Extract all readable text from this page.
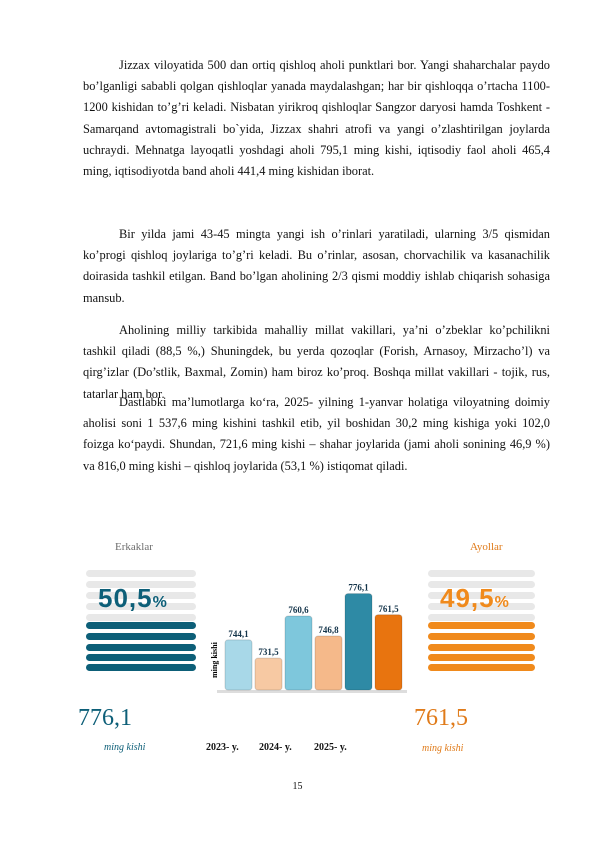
Jizzax viloyatida 500 dan ortiq qishloq aholi punktlari bor. Yangi shaharchalar paydo bo’lganligi sababli qolgan qishloqlar yanada maydalashgan; har bir qishloqqa o’rtacha 1100-1200 kishidan to’g’ri keladi. Nisbatan yirikroq qishloqlar Sangzor daryosi hamda Toshkent - Samarqand avtomagistrali bo`yida, Jizzax shahri atrofi va yangi o’zlashtirilgan joylarda uchraydi. Mehnatga layoqatli yoshdagi aholi 795,1 ming kishi, iqtisodiy faol aholi 465,4 ming, iqtisodiyotda band aholi 441,4 ming kishidan iborat.

Bir yilda jami 43-45 mingta yangi ish o’rinlari yaratiladi, ularning 3/5 qismidan ko’progi qishloq joylariga to’g’ri keladi. Bu o’rinlar, asosan, chorvachilik va kasanachilik doirasida tashkil etilgan. Band bo’lgan aholining 2/3 qismi moddiy ishlab chiqarish sohasiga mansub.

Aholining milliy tarkibida mahalliy millat vakillari, ya’ni o’zbeklar ko’pchilikni tashkil qiladi (88,5 %,) Shuningdek, bu yerda qozoqlar (Forish, Arnasoy, Mirzacho’l) va qirg’izlar (Do’stlik, Baxmal, Zomin) ham biroz ko’proq. Boshqa millat vakillari - tojik, rus, tatarlar ham bor.

Dastlabki ma’lumotlarga ko‘ra, 2025- yilning 1-yanvar holatiga viloyatning doimiy aholisi soni 1 537,6 ming kishini tashkil etib, yil boshidan 30,2 ming kishiga yoki 102,0 foizga ko‘paydi. Shundan, 721,6 ming kishi – shahar joylarida (jami aholi sonining 46,9 %) va 816,0 ming kishi – qishloq joylarida (53,1 %) istiqomat qiladi.

Erkaklar
50,5%
776,1
ming kishi
Ayollar
49,5%
761,5
ming kishi
ming kishi
744,1
731,5
760,6
746,8
776,1
761,5
2023- y. 2024- y. 2025- y.
15
